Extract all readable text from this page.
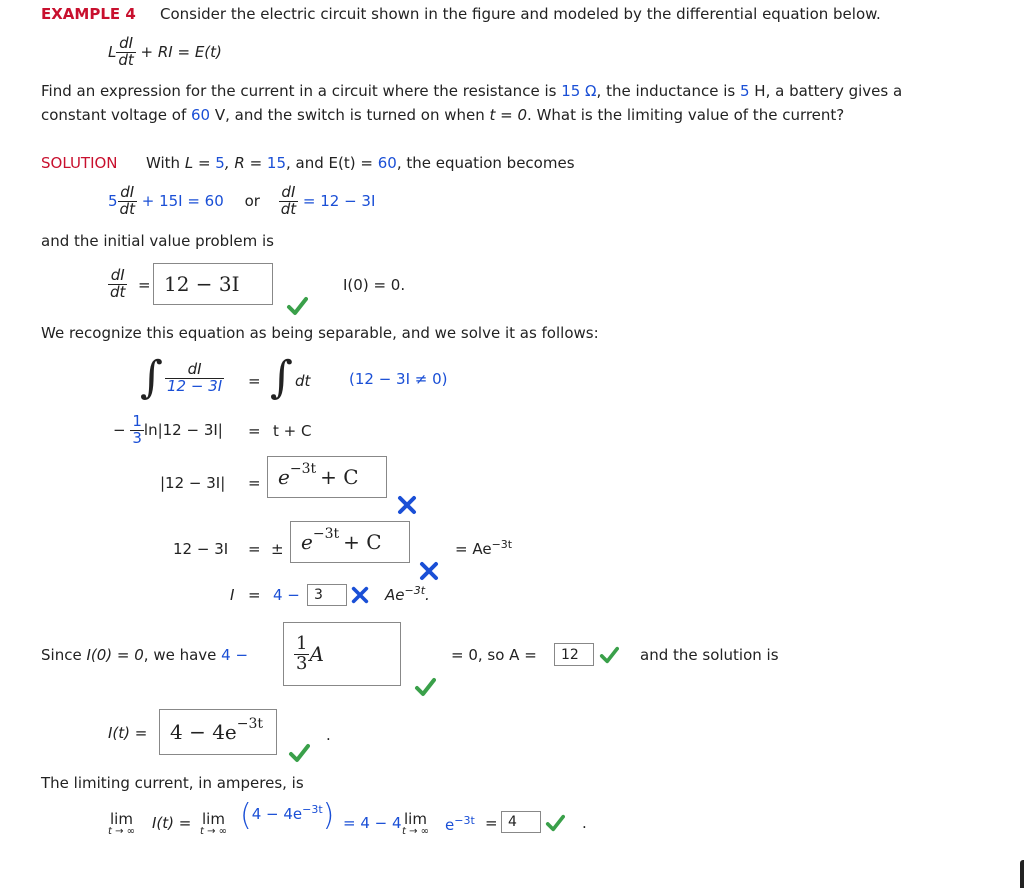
EXAMPLE 4 Consider the electric circuit shown in the figure and modeled by the differential equation below.
L $\frac{dI}{dt}$ + RI = E(t)
Find an expression for the current in a circuit where the resistance is 15 Ω, the inductance is 5 H, a battery gives a
constant voltage of 60 V, and the switch is turned on when t = 0. What is the limiting value of the current?
SOLUTION With L = 5, R = 15, and E(t) = 60, the equation becomes
$5 \frac{dI}{dt} + 15I = 60$ or $\frac{dI}{dt} = 12 - 3I$
and the initial value problem is
$\frac{dI}{dt} = 12 - 3I$	I(0) = 0.
We recognize this equation as being separable, and we solve it as follows:
∫ $\frac{dI}{12 - 3I}$ = ∫ dt	(12 − 3I ≠ 0)
− $\frac{1}{3} \ln|12 - 3I| = t + C$
$|12 - 3I| = e^{-3t} + C$
12 − 3I = ± $e^{-3t} + C$	= $Ae^{-3t}$
I = 4 −	3	$Ae^{-3t}$.
Since I(0) = 0, we have 4 −	$\frac{1}{3}$ A	= 0, so A =	12	and the solution is
$I(t) = 4 - 4e^{-3t}$
.
The limiting current, in amperes, is
lim
t → ∞ I(t) = lim
t → ∞ $(4 - 4e^{-3t}) = 4 - 4$ lim
t → ∞ $e^{-3t} = 4$	.
